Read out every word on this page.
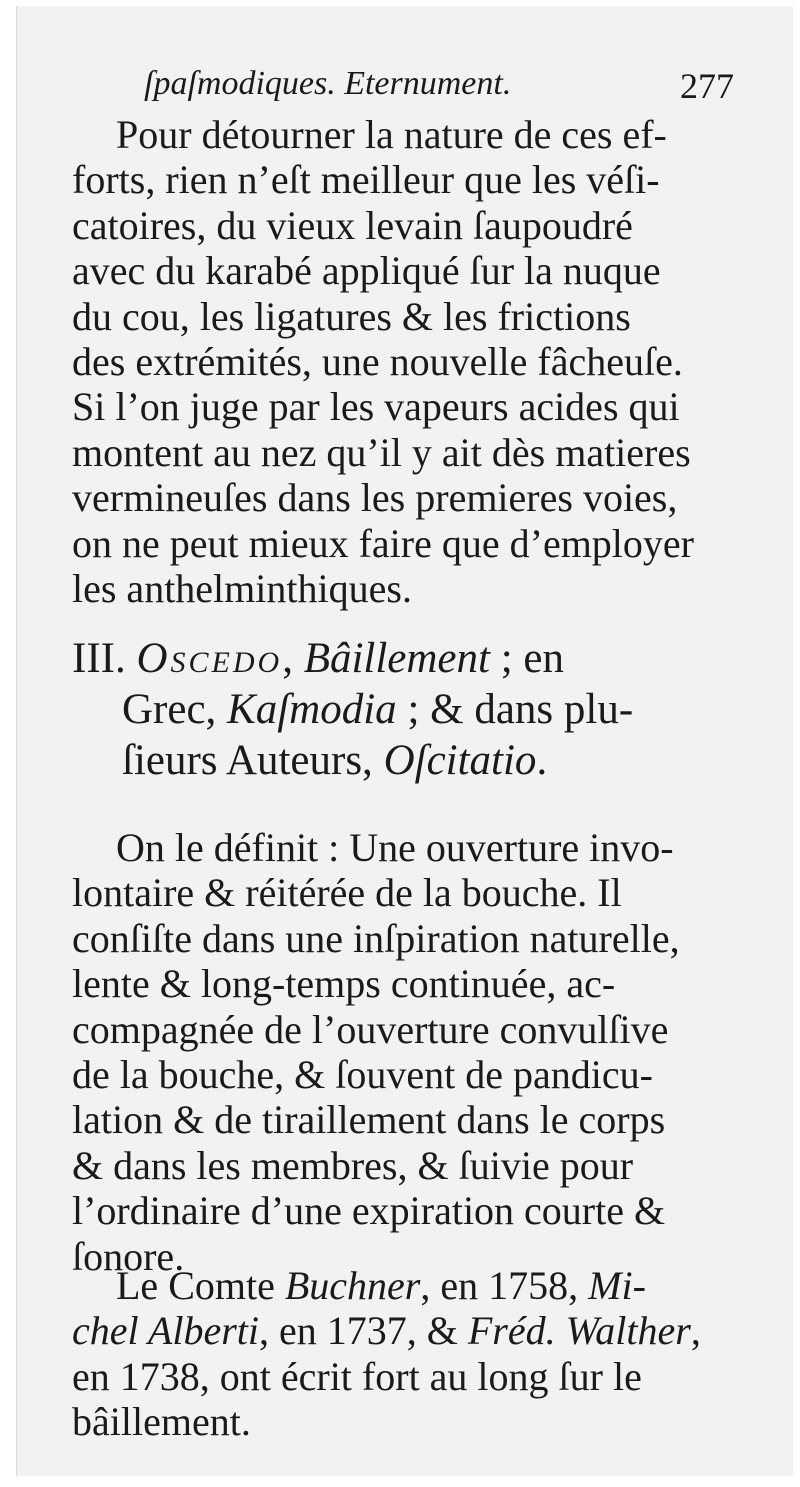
ſpaſmodiques. Eternument.	277
Pour détourner la nature de ces ef-
forts, rien n’eſt meilleur que les véſi-
catoires, du vieux levain ſaupoudré
avec du karabé appliqué ſur la nuque
du cou, les ligatures & les frictions
des extrémités, une nouvelle fâcheuſe.
Si l’on juge par les vapeurs acides qui
montent au nez qu’il y ait dès matieres
vermineuſes dans les premieres voies,
on ne peut mieux faire que d’employer
les anthelminthiques.
III. Oscedo, Bâillement ; en
Grec, Kaſmodia ; & dans plu-
ſieurs Auteurs, Oſcitatio.
On le définit : Une ouverture invo-
lontaire & réitérée de la bouche. Il
conſiſte dans une inſpiration naturelle,
lente & long-temps continuée, ac-
compagnée de l’ouverture convulſive
de la bouche, & ſouvent de pandicu-
lation & de tiraillement dans le corps
& dans les membres, & ſuivie pour
l’ordinaire d’une expiration courte &
ſonore.
Le Comte Buchner, en 1758, Mi-
chel Alberti, en 1737, & Fréd. Walther,
en 1738, ont écrit fort au long ſur le
bâillement.
